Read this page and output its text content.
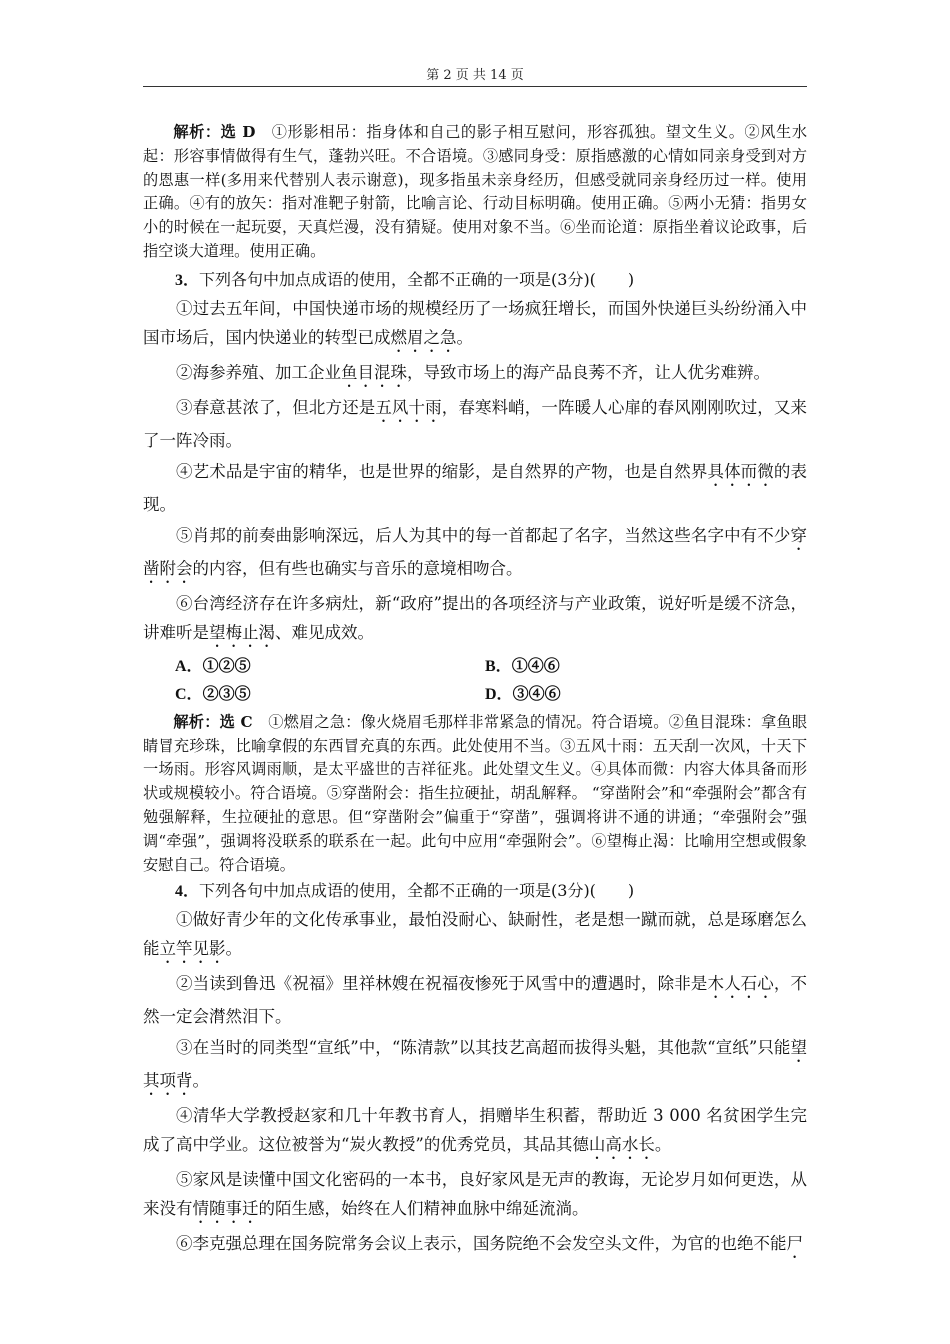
第 2 页 共 14 页

解析：选 D　 ①形影相吊：指身体和自己的影子相互慰问，形容孤独。望文生义。②风生水起：形容事情做得有生气，蓬勃兴旺。不合语境。③感同身受：原指感激的心情如同亲身受到对方的恩惠一样(多用来代替别人表示谢意)，现多指虽未亲身经历，但感受就同亲身经历过一样。使用正确。④有的放矢：指对准靶子射箭，比喻言论、行动目标明确。使用正确。⑤两小无猜：指男女小的时候在一起玩耍，天真烂漫，没有猜疑。使用对象不当。⑥坐而论道：原指坐着议论政事，后指空谈大道理。使用正确。

3．下列各句中加点成语的使用，全都不正确的一项是(3分)(　　)

①过去五年间，中国快递市场的规模经历了一场疯狂增长，而国外快递巨头纷纷涌入中国市场后，国内快递业的转型已成燃眉之急。

②海参养殖、加工企业鱼目混珠，导致市场上的海产品良莠不齐，让人优劣难辨。

③春意甚浓了，但北方还是五风十雨，春寒料峭，一阵暖人心扉的春风刚刚吹过，又来了一阵冷雨。

④艺术品是宇宙的精华，也是世界的缩影，是自然界的产物，也是自然界具体而微的表现。

⑤肖邦的前奏曲影响深远，后人为其中的每一首都起了名字，当然这些名字中有不少穿凿附会的内容，但有些也确实与音乐的意境相吻合。

⑥台湾经济存在许多病灶，新“政府”提出的各项经济与产业政策，说好听是缓不济急，讲难听是望梅止渴、难见成效。

A．①②⑤	B．①④⑥
C．②③⑤	D．③④⑥

解析：选 C　 ①燃眉之急：像火烧眉毛那样非常紧急的情况。符合语境。②鱼目混珠：拿鱼眼睛冒充珍珠，比喻拿假的东西冒充真的东西。此处使用不当。③五风十雨：五天刮一次风，十天下一场雨。形容风调雨顺，是太平盛世的吉祥征兆。此处望文生义。④具体而微：内容大体具备而形状或规模较小。符合语境。⑤穿凿附会：指生拉硬扯，胡乱解释。 “穿凿附会”和“牵强附会”都含有勉强解释，生拉硬扯的意思。但“穿凿附会”偏重于“穿凿”，强调将讲不通的讲通；“牵强附会”强调“牵强”，强调将没联系的联系在一起。此句中应用“牵强附会”。⑥望梅止渴：比喻用空想或假象安慰自己。符合语境。

4．下列各句中加点成语的使用，全都不正确的一项是(3分)(　　)

①做好青少年的文化传承事业，最怕没耐心、缺耐性，老是想一蹴而就，总是琢磨怎么能立竿见影。

②当读到鲁迅《祝福》里祥林嫂在祝福夜惨死于风雪中的遭遇时，除非是木人石心，不然一定会潸然泪下。

③在当时的同类型“宣纸”中，“陈清款”以其技艺高超而拔得头魁，其他款“宣纸”只能望其项背。

④清华大学教授赵家和几十年教书育人，捐赠毕生积蓄，帮助近 3 000 名贫困学生完成了高中学业。这位被誉为“炭火教授”的优秀党员，其品其德山高水长。

⑤家风是读懂中国文化密码的一本书，良好家风是无声的教诲，无论岁月如何更迭，从来没有情随事迁的陌生感，始终在人们精神血脉中绵延流淌。

⑥李克强总理在国务院常务会议上表示，国务院绝不会发空头文件，为官的也绝不能尸
